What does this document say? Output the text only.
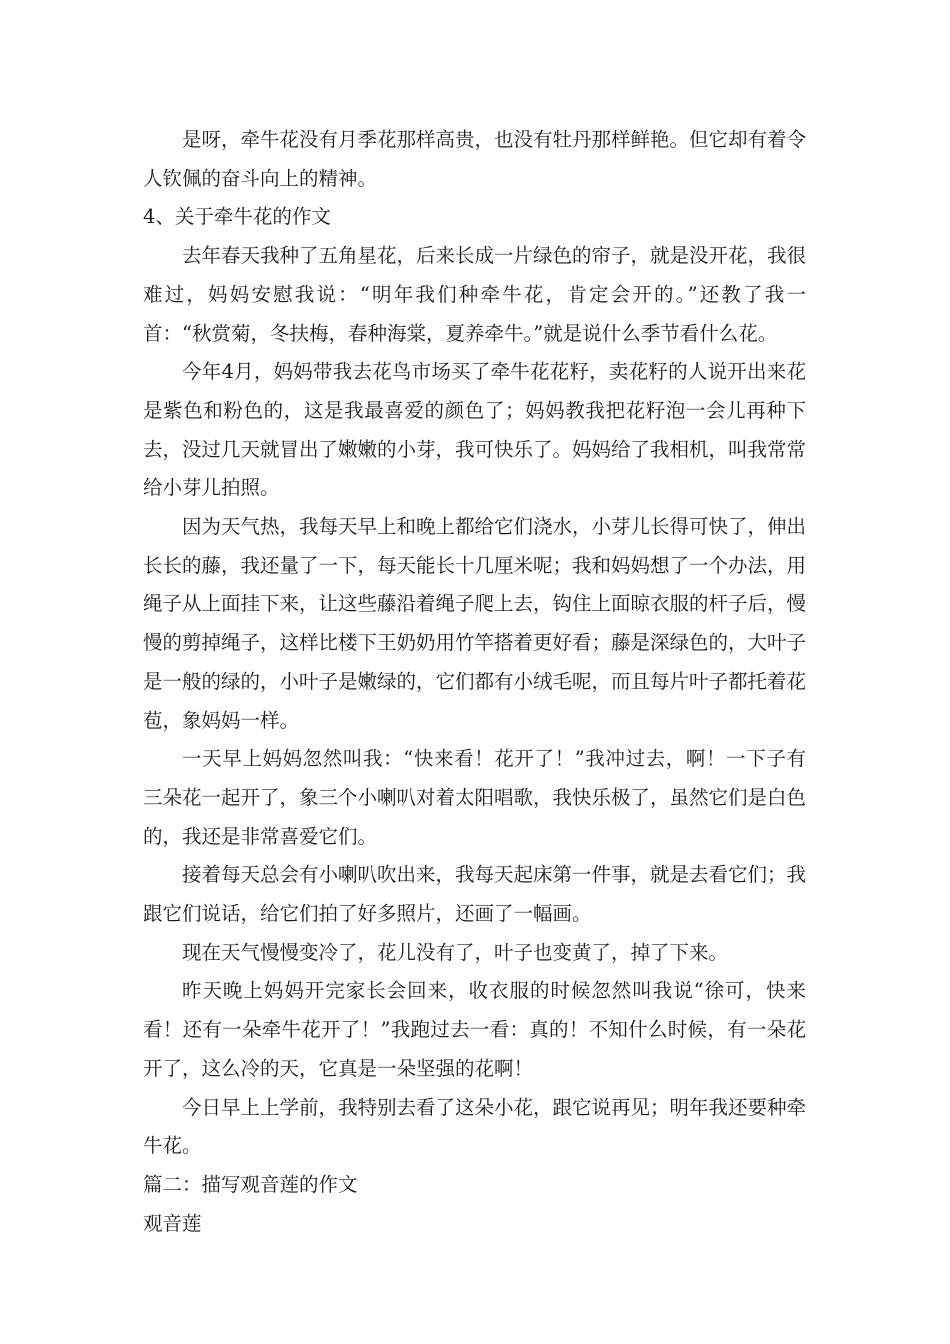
是呀，牵牛花没有月季花那样高贵，也没有牡丹那样鲜艳。但它却有着令人钦佩的奋斗向上的精神。

4、关于牵牛花的作文

去年春天我种了五角星花，后来长成一片绿色的帘子，就是没开花，我很难过，妈妈安慰我说：“明年我们种牵牛花，肯定会开的。”还教了我一首：“秋赏菊，冬扶梅，春种海棠，夏养牵牛。”就是说什么季节看什么花。

今年4月，妈妈带我去花鸟市场买了牵牛花花籽，卖花籽的人说开出来花是紫色和粉色的，这是我最喜爱的颜色了；妈妈教我把花籽泡一会儿再种下去，没过几天就冒出了嫩嫩的小芽，我可快乐了。妈妈给了我相机，叫我常常给小芽儿拍照。

因为天气热，我每天早上和晚上都给它们浇水，小芽儿长得可快了，伸出长长的藤，我还量了一下，每天能长十几厘米呢；我和妈妈想了一个办法，用绳子从上面挂下来，让这些藤沿着绳子爬上去，钩住上面晾衣服的杆子后，慢慢的剪掉绳子，这样比楼下王奶奶用竹竿搭着更好看；藤是深绿色的，大叶子是一般的绿的，小叶子是嫩绿的，它们都有小绒毛呢，而且每片叶子都托着花苞，象妈妈一样。

一天早上妈妈忽然叫我：“快来看！花开了！”我冲过去，啊！一下子有三朵花一起开了，象三个小喇叭对着太阳唱歌，我快乐极了，虽然它们是白色的，我还是非常喜爱它们。

接着每天总会有小喇叭吹出来，我每天起床第一件事，就是去看它们；我跟它们说话，给它们拍了好多照片，还画了一幅画。

现在天气慢慢变冷了，花儿没有了，叶子也变黄了，掉了下来。

昨天晚上妈妈开完家长会回来，收衣服的时候忽然叫我说“徐可，快来看！还有一朵牵牛花开了！”我跑过去一看：真的！不知什么时候，有一朵花开了，这么冷的天，它真是一朵坚强的花啊！

今日早上上学前，我特别去看了这朵小花，跟它说再见；明年我还要种牵牛花。

篇二：描写观音莲的作文

观音莲
